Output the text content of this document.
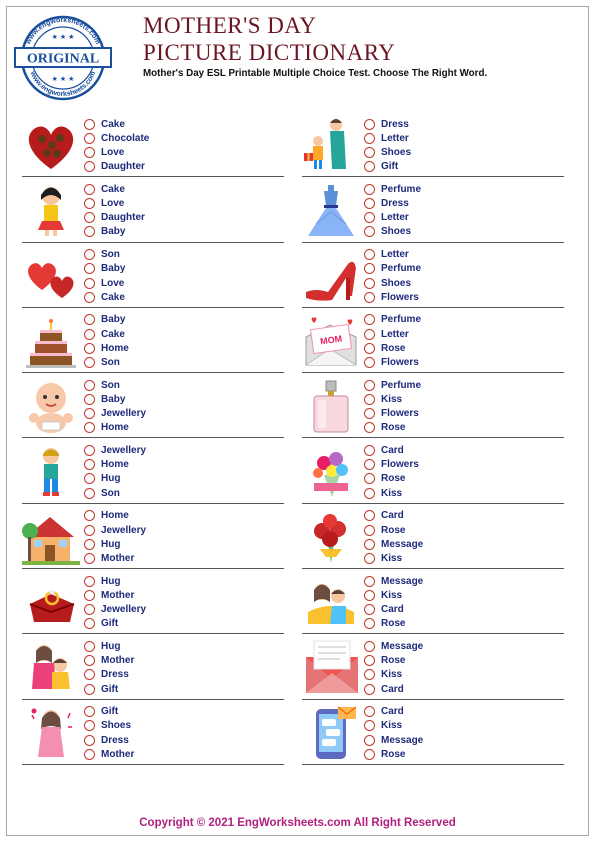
www.engworksheets.com
www.engworksheets.com
ORIGINAL
★ ★ ★
★ ★ ★
MOTHER'S DAY
PICTURE DICTIONARY
Mother's Day ESL Printable Multiple Choice Test. Choose The Right Word.
Cake
Chocolate
Love
Daughter
Cake
Love
Daughter
Baby
Son
Baby
Love
Cake
Baby
Cake
Home
Son
Son
Baby
Jewellery
Home
Jewellery
Home
Hug
Son
Home
Jewellery
Hug
Mother
Hug
Mother
Jewellery
Gift
Hug
Mother
Dress
Gift
Gift
Shoes
Dress
Mother
Dress
Letter
Shoes
Gift
Perfume
Dress
Letter
Shoes
Letter
Perfume
Shoes
Flowers
MOM
Perfume
Letter
Rose
Flowers
Perfume
Kiss
Flowers
Rose
Card
Flowers
Rose
Kiss
Card
Rose
Message
Kiss
Message
Kiss
Card
Rose
Message
Rose
Kiss
Card
Card
Kiss
Message
Rose
Copyright © 2021 EngWorksheets.com All Right Reserved
